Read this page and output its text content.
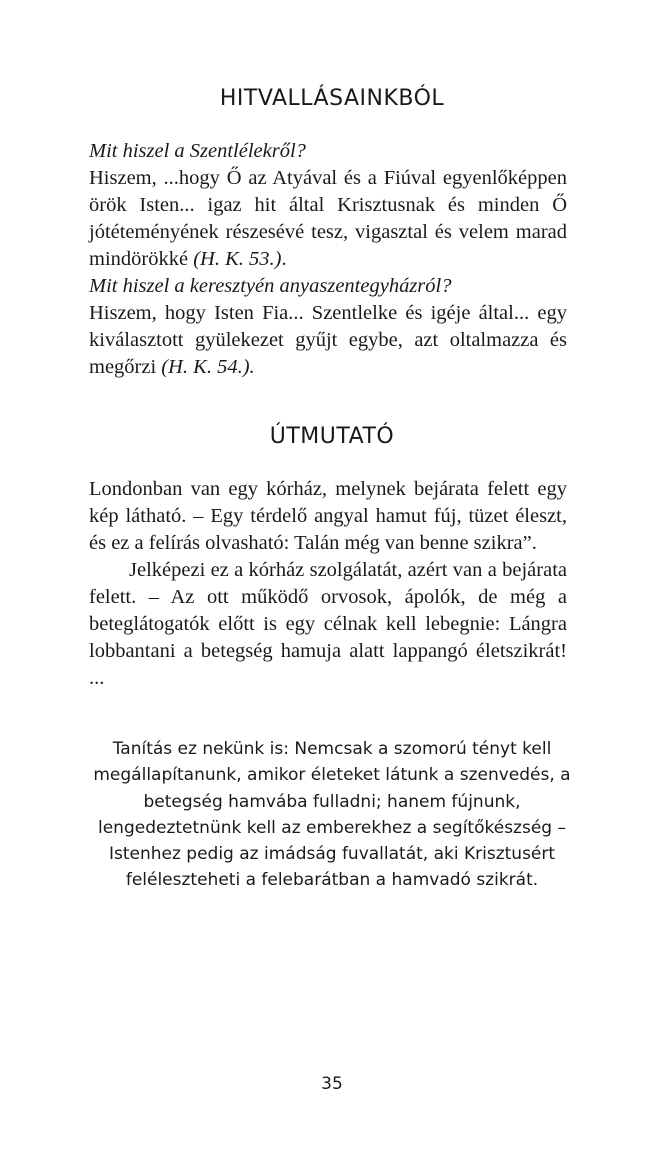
HITVALLÁSAINKBÓL

Mit hiszel a Szentlélekről?

Hiszem, ...hogy Ő az Atyával és a Fiúval egyenlőképpen örök Isten... igaz hit által Krisztusnak és minden Ő jótéteményének részesévé tesz, vigasztal és velem marad mindörökké (H. K. 53.).

Mit hiszel a keresztyén anyaszentegyházról?

Hiszem, hogy Isten Fia... Szentlelke és igéje által... egy kiválasztott gyülekezet gyűjt egybe, azt oltalmazza és megőrzi (H. K. 54.).

ÚTMUTATÓ

Londonban van egy kórház, melynek bejárata felett egy kép látható. – Egy térdelő angyal hamut fúj, tüzet éleszt, és ez a felírás olvasható: Talán még van benne szikra”.

Jelképezi ez a kórház szolgálatát, azért van a bejárata felett. – Az ott működő orvosok, ápolók, de még a beteglátogatók előtt is egy célnak kell lebegnie: Lángra lobbantani a betegség hamuja alatt lappangó életszikrát! ...

Tanítás ez nekünk is: Nemcsak a szomorú tényt kell megállapítanunk, amikor életeket látunk a szenvedés, a betegség hamvába fulladni; hanem fújnunk, lengedeztetnünk kell az emberekhez a segítőkészség – Istenhez pedig az imádság fuvallatát, aki Krisztusért feléleszteheti a felebarátban a hamvadó szikrát.

35
